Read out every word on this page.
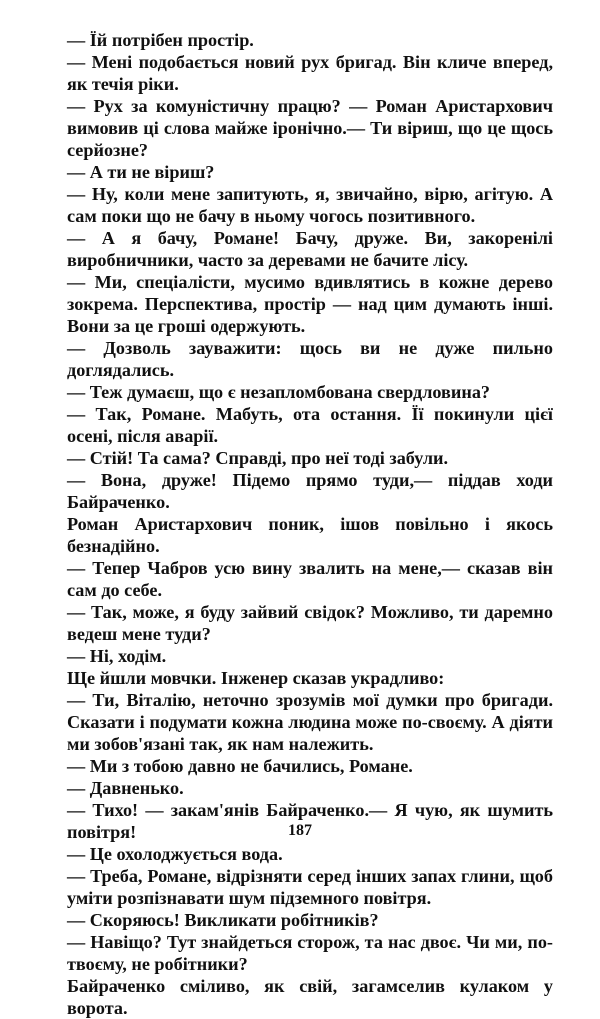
— Їй потрібен простір.

— Мені подобається новий рух бригад. Він кличе вперед, як течія ріки.

— Рух за комуністичну працю? — Роман Аристархович вимовив ці слова майже іронічно.— Ти віриш, що це щось серйозне?

— А ти не віриш?

— Ну, коли мене запитують, я, звичайно, вірю, агітую. А сам поки що не бачу в ньому чогось позитивного.

— А я бачу, Романе! Бачу, друже. Ви, закоренілі виробничники, часто за деревами не бачите лісу.

— Ми, спеціалісти, мусимо вдивлятись в кожне дерево зокрема. Перспектива, простір — над цим думають інші. Вони за це гроші одержують.

— Дозволь зауважити: щось ви не дуже пильно доглядались.

— Теж думаєш, що є незапломбована свердловина?

— Так, Романе. Мабуть, ота остання. Її покинули цієї осені, після аварії.

— Стій! Та сама? Справді, про неї тоді забули.

— Вона, друже! Підемо прямо туди,— піддав ходи Байраченко.

Роман Аристархович поник, ішов повільно і якось безнадійно.

— Тепер Чабров усю вину звалить на мене,— сказав він сам до себе.

— Так, може, я буду зайвий свідок? Можливо, ти даремно ведеш мене туди?

— Ні, ходім.

Ще йшли мовчки. Інженер сказав украдливо:

— Ти, Віталію, неточно зрозумів мої думки про бригади. Сказати і подумати кожна людина може по-своєму. А діяти ми зобов'язані так, як нам належить.

— Ми з тобою давно не бачились, Романе.

— Давненько.

— Тихо! — закам'янів Байраченко.— Я чую, як шумить повітря!

— Це охолоджується вода.

— Треба, Романе, відрізняти серед інших запах глини, щоб уміти розпізнавати шум підземного повітря.

— Скоряюсь! Викликати робітників?

— Навіщо? Тут знайдеться сторож, та нас двоє. Чи ми, по-твоєму, не робітники?

Байраченко сміливо, як свій, загамселив кулаком у ворота.

187
